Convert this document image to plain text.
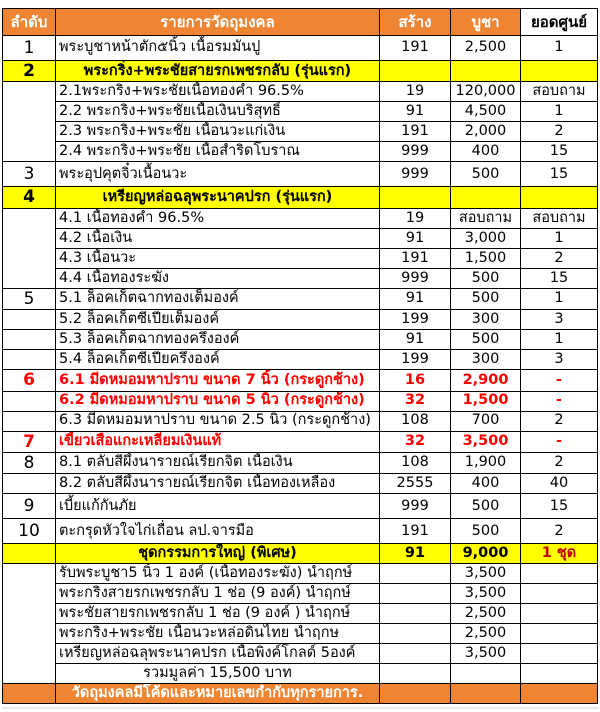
ลำดับ	รายการวัดถุมงคล	สร้าง	บูชา	ยอดศูนย์
1	พระบูชาหน้าตัก๕นิ้ว เนื้อรมมันปู	191	2,500	1
2	พระกริ่ง+พระชัยสายรกเพชรกลับ (รุ่นแรก)			
	2.1พระกริ่ง+พระชัยเนื้อทองคำ 96.5%	19	120,000	สอบถาม
	2.2 พระกริ่ง+พระชัยเนื้อเงินบริสุทธิ์	91	4,500	1
	2.3 พระกริ่ง+พระชัย เนื้อนวะแก่เงิน	191	2,000	2
	2.4 พระกริ่ง+พระชัย เนื้อสำริดโบราณ	999	400	15
3	พระอุปคุตจิ๋วเนื้อนวะ	999	500	15
4	เหรียญหล่อฉลุพระนาคปรก (รุ่นแรก)			
	4.1 เนื้อทองคำ 96.5%	19	สอบถาม	สอบถาม
	4.2 เนื้อเงิน	91	3,000	1
	4.3 เนื้อนวะ	191	1,500	2
	4.4 เนื้อทองระฆัง	999	500	15
5	5.1 ล็อคเก็ตฉากทองเต็มองค์	91	500	1
	5.2 ล็อคเก็ตซีเปียเต็มองค์	199	300	3
	5.3 ล็อคเก็ตฉากทองครึ่งองค์	91	500	1
	5.4 ล็อคเก็ตซีเปียครึ่งองค์	199	300	3
6	6.1 มีดหมอมหาปราบ ขนาด 7 นิ้ว (กระดูกช้าง)	16	2,900	-
	6.2 มีดหมอมหาปราบ ขนาด 5 นิ้ว (กระดูกช้าง)	32	1,500	-
	6.3 มีดหมอมหาปราบ ขนาด 2.5 นิ้ว (กระดูกช้าง)	108	700	2
7	เขี้ยวเสือแกะเหลี่ยมเงินแท้	32	3,500	-
8	8.1 ตลับสีผึ้งนารายณ์เรียกจิต เนื้อเงิน	108	1,900	2
	8.2 ตลับสีผึ้งนารายณ์เรียกจิต เนื้อทองเหลือง	2555	400	40
9	เบี้ยแก้กันภัย	999	500	15
10	ตะกรุดหัวใจไก่เถื่อน ลป.จารมือ	191	500	2
	ชุดกรรมการใหญ่ (พิเศษ)	91	9,000	1 ชุด
	รับพระบูชา5 นิ้ว 1 องค์ (เนื้อทองระฆัง) นำฤกษ์		3,500	
	พระกริ่งสายรกเพชรกลับ 1 ช่อ (9 องค์) นำฤกษ์		3,500	
	พระชัยสายรกเพชรกลับ 1 ช่อ (9 องค์ ) นำฤกษ์		2,500	
	พระกริ่ง+พระชัย เนื้อนวะหล่อดินไทย นำฤกษ		2,500	
	เหรียญหล่อฉลุพระนาคปรก เนื้อพิงค์โกลด์ 5องค์		3,500	
	รวมมูลค่า 15,500 บาท			
	วัดถุมงคลมีโค้ดและหมายเลขกำกับทุกรายการ.			
